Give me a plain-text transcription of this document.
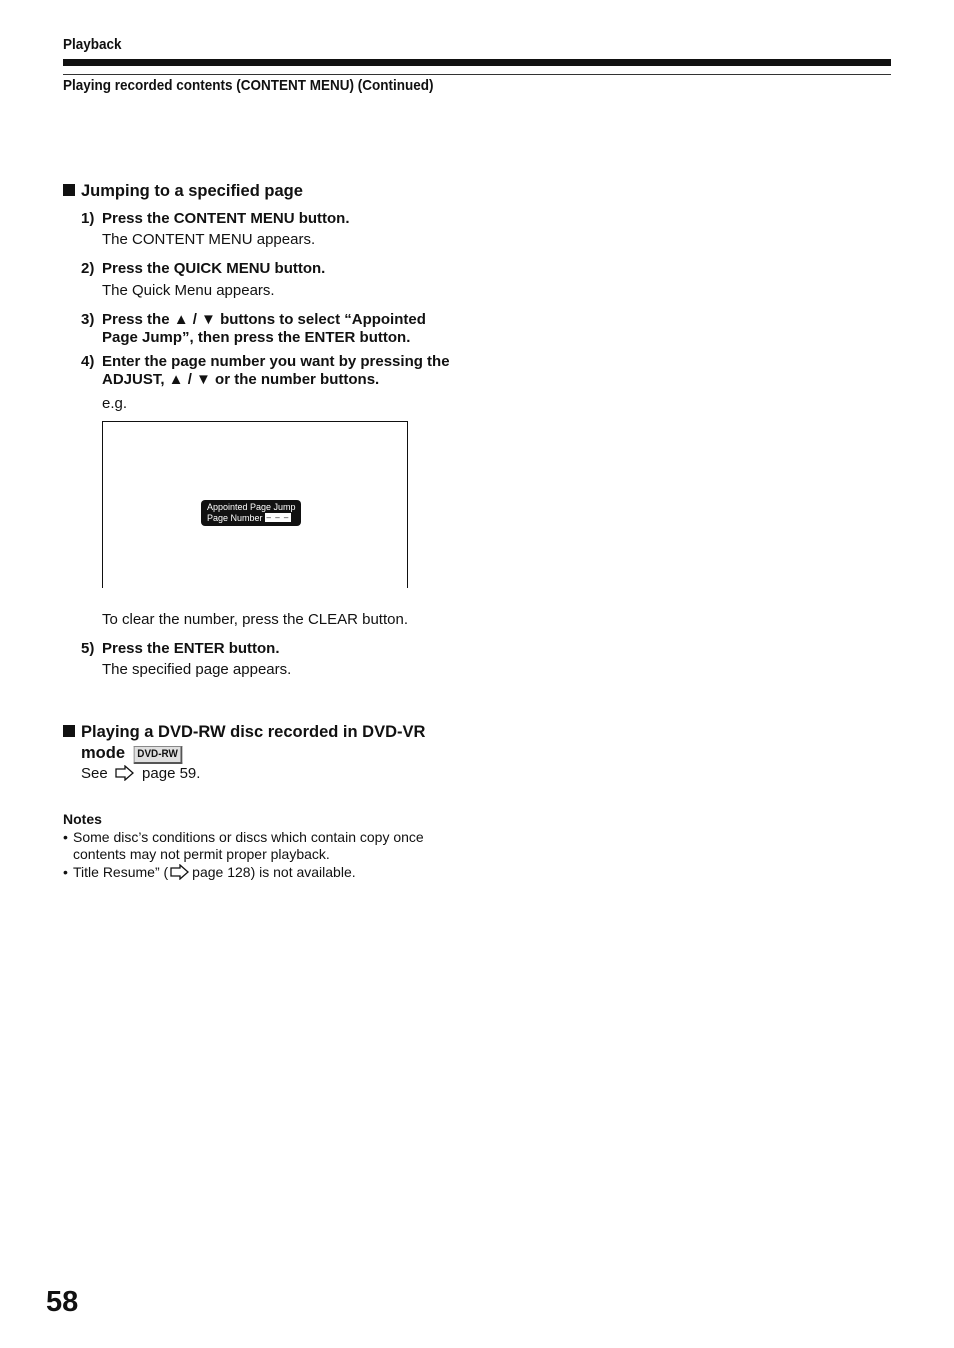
Playback
Playing recorded contents (CONTENT MENU) (Continued)
Jumping to a specified page
1) Press the CONTENT MENU button.
The CONTENT MENU appears.
2) Press the QUICK MENU button.
The Quick Menu appears.
3) Press the ▲ / ▼ buttons to select “Appointed Page Jump”, then press the ENTER button.
4) Enter the page number you want by pressing the ADJUST, ▲ / ▼ or the number buttons.
e.g.
Appointed Page Jump
Page Number – – –
To clear the number, press the CLEAR button.
5) Press the ENTER button.
The specified page appears.
Playing a DVD-RW disc recorded in DVD-VR
mode DVD-RW
See page 59.
Notes
• Some disc’s conditions or discs which contain copy once contents may not permit proper playback.
• Title Resume” ( page 128) is not available.
58
